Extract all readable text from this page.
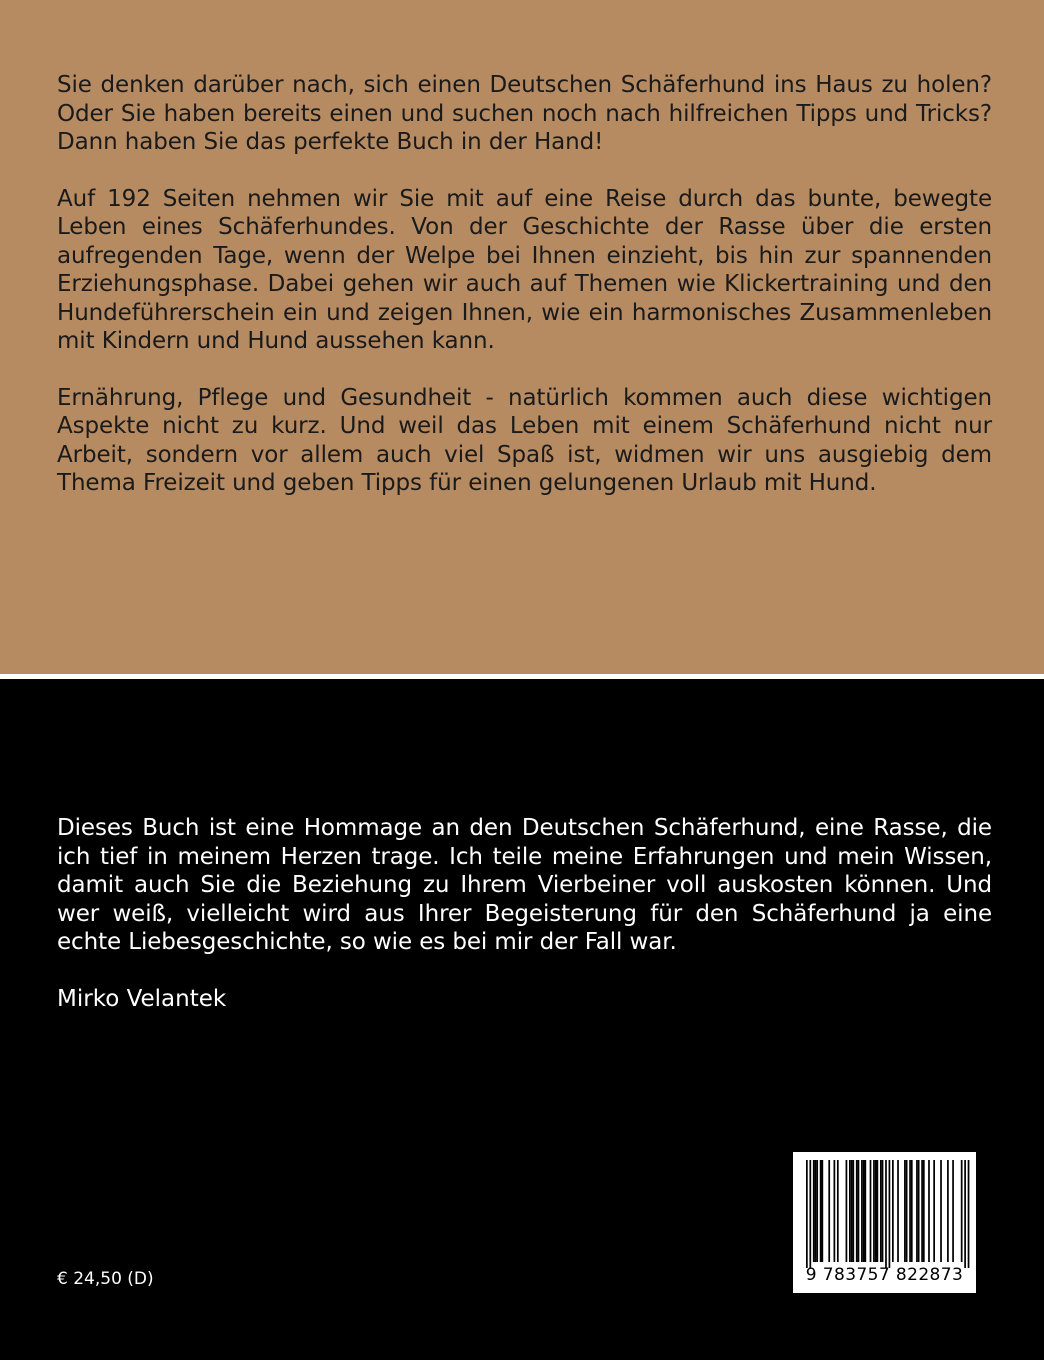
Sie denken darüber nach, sich einen Deutschen Schäferhund ins Haus zu holen? Oder Sie haben bereits einen und suchen noch nach hilfreichen Tipps und Tricks? Dann haben Sie das perfekte Buch in der Hand!

Auf 192 Seiten nehmen wir Sie mit auf eine Reise durch das bunte, bewegte Leben eines Schäferhundes. Von der Geschichte der Rasse über die ersten aufregenden Tage, wenn der Welpe bei Ihnen einzieht, bis hin zur spannenden Erziehungsphase. Dabei gehen wir auch auf Themen wie Klickertraining und den Hundeführerschein ein und zeigen Ihnen, wie ein harmonisches Zusammenleben mit Kindern und Hund aussehen kann.

Ernährung, Pflege und Gesundheit - natürlich kommen auch diese wichtigen Aspekte nicht zu kurz. Und weil das Leben mit einem Schäferhund nicht nur Arbeit, sondern vor allem auch viel Spaß ist, widmen wir uns ausgiebig dem Thema Freizeit und geben Tipps für einen gelungenen Urlaub mit Hund.

Dieses Buch ist eine Hommage an den Deutschen Schäferhund, eine Rasse, die ich tief in meinem Herzen trage. Ich teile meine Erfahrungen und mein Wissen, damit auch Sie die Beziehung zu Ihrem Vierbeiner voll auskosten können. Und wer weiß, vielleicht wird aus Ihrer Begeisterung für den Schäferhund ja eine echte Liebesgeschichte, so wie es bei mir der Fall war.

Mirko Velantek
€ 24,50 (D)	9 783757 822873
